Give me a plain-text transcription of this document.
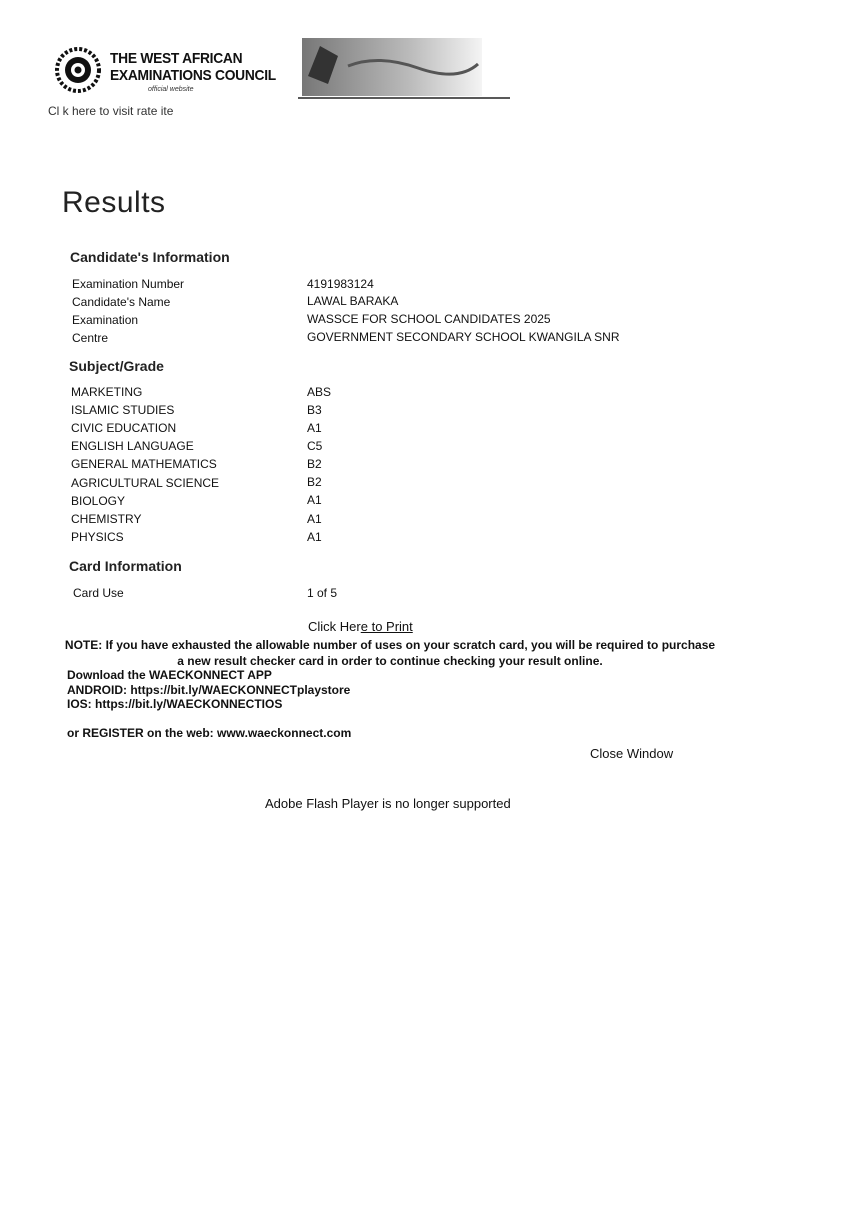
THE WEST AFRICAN
EXAMINATIONS COUNCIL
official website
Cl k here to visit rate ite
Results
Candidate's Information
Examination Number	4191983124
Candidate's Name	LAWAL BARAKA
Examination	WASSCE FOR SCHOOL CANDIDATES 2025
Centre	GOVERNMENT SECONDARY SCHOOL KWANGILA SNR
Subject/Grade
MARKETING	ABS
ISLAMIC STUDIES	B3
CIVIC EDUCATION	A1
ENGLISH LANGUAGE	C5
GENERAL MATHEMATICS	B2
AGRICULTURAL SCIENCE	B2
BIOLOGY	A1
CHEMISTRY	A1
PHYSICS	A1
Card Information
Card Use	1 of 5
Click Here to Print
NOTE: If you have exhausted the allowable number of uses on your scratch card, you will be required to purchase a new result checker card in order to continue checking your result online.
Download the WAECKONNECT APP
ANDROID: https://bit.ly/WAECKONNECTplaystore
IOS: https://bit.ly/WAECKONNECTIOS
or REGISTER on the web: www.waeckonnect.com
Close Window
Adobe Flash Player is no longer supported
